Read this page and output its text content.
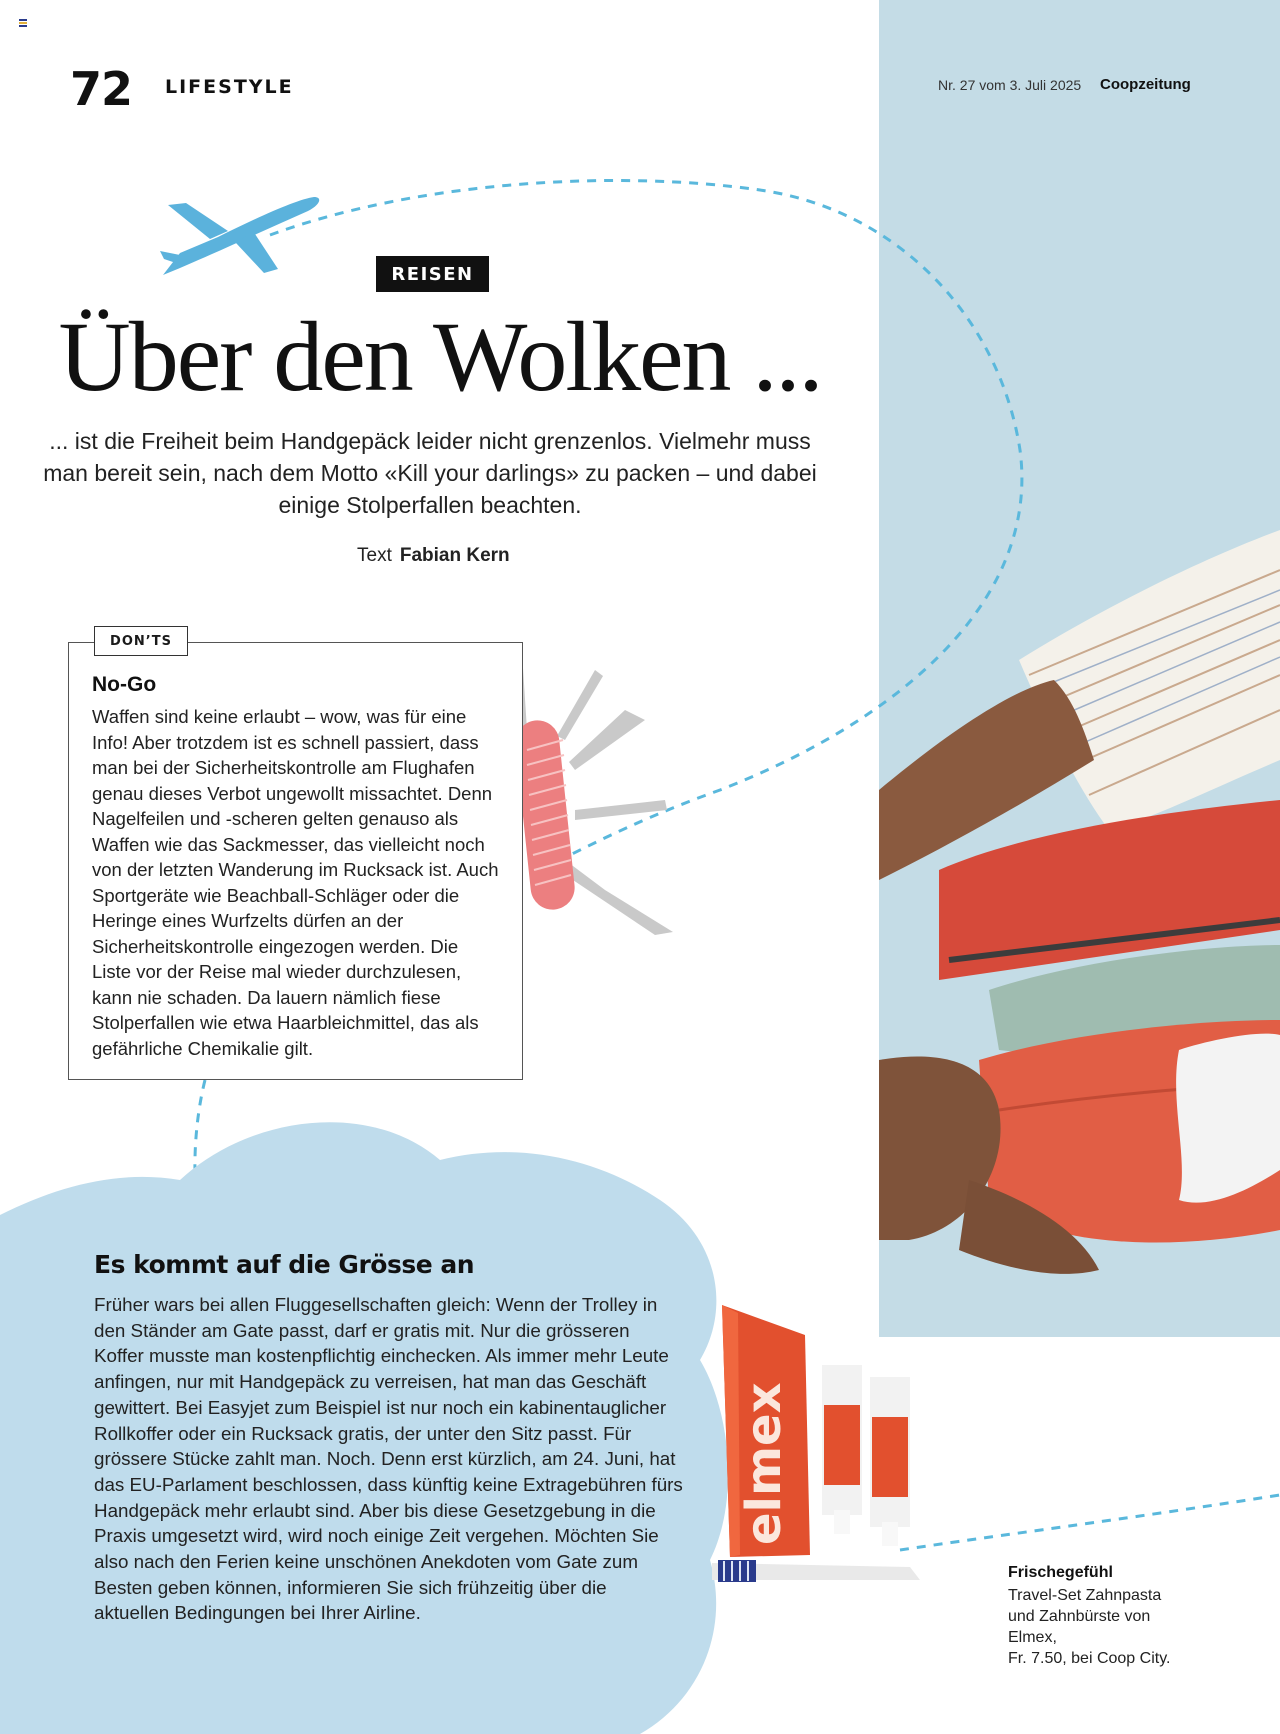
elmex
72 LIFESTYLE	Nr. 27 vom 3. Juli 2025 Coopzeitung
REISEN
Über den Wolken ...
... ist die Freiheit beim Handgepäck leider nicht grenzenlos. Vielmehr muss man bereit sein, nach dem Motto «Kill your darlings» zu packen – und dabei einige Stolperfallen beachten.
Text Fabian Kern
DON’TS
No-Go
Waffen sind keine erlaubt – wow, was für eine Info! Aber trotzdem ist es schnell passiert, dass man bei der Sicherheitskontrolle am Flughafen genau dieses Verbot ungewollt missachtet. Denn Nagelfeilen und -scheren gelten genauso als Waffen wie das Sackmesser, das vielleicht noch von der letzten Wanderung im Rucksack ist. Auch Sportgeräte wie Beachball-Schläger oder die Heringe eines Wurfzelts dürfen an der Sicherheitskontrolle eingezogen werden. Die Liste vor der Reise mal wieder durchzulesen, kann nie schaden. Da lauern nämlich fiese Stolperfallen wie etwa Haarbleichmittel, das als gefährliche Chemikalie gilt.
Es kommt auf die Grösse an
Früher wars bei allen Fluggesellschaften gleich: Wenn der Trolley in den Ständer am Gate passt, darf er gratis mit. Nur die grösseren Koffer musste man kostenpflichtig einchecken. Als immer mehr Leute anfingen, nur mit Handgepäck zu verreisen, hat man das Geschäft gewittert. Bei Easyjet zum Beispiel ist nur noch ein kabinentauglicher Rollkoffer oder ein Rucksack gratis, der unter den Sitz passt. Für grössere Stücke zahlt man. Noch. Denn erst kürzlich, am 24. Juni, hat das EU-Parlament beschlossen, dass künftig keine Extragebühren fürs Handgepäck mehr erlaubt sind. Aber bis diese Gesetzgebung in die Praxis umgesetzt wird, wird noch einige Zeit vergehen. Möchten Sie also nach den Ferien keine unschönen Anekdoten vom Gate zum Besten geben können, informieren Sie sich frühzeitig über die aktuellen Bedingungen bei Ihrer Airline.
Frischegefühl
Travel-Set Zahnpasta
und Zahnbürste von
Elmex,
Fr. 7.50, bei Coop City.
